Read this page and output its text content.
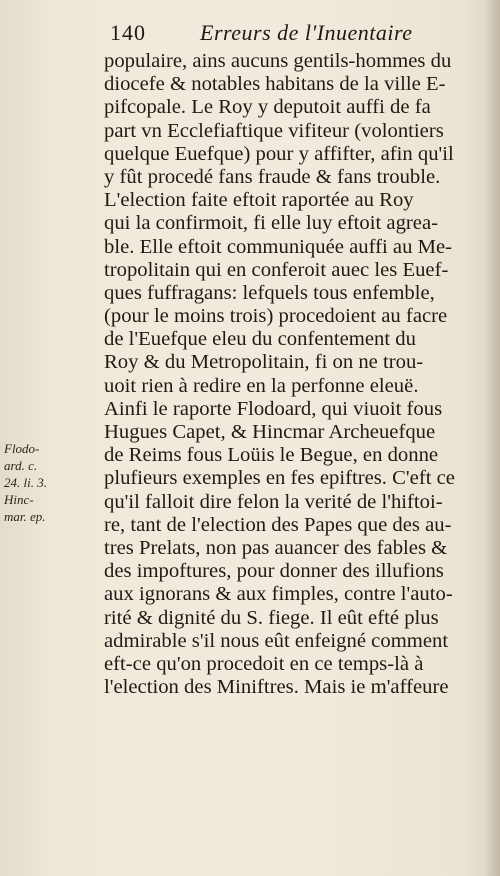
140 Erreurs de l'Inuentaire
Flodo-
ard. c.
24. li. 3.
Hinc-
mar. ep.
populaire, ains aucuns gentils-hommes du
diocefe & notables habitans de la ville E-
pifcopale. Le Roy y deputoit auffi de fa
part vn Ecclefiaftique vifiteur (volontiers
quelque Euefque) pour y affifter, afin qu'il
y fût procedé fans fraude & fans trouble.
L'election faite eftoit raportée au Roy
qui la confirmoit, fi elle luy eftoit agrea-
ble. Elle eftoit communiquée auffi au Me-
tropolitain qui en conferoit auec les Euef-
ques fuffragans: lefquels tous enfemble,
(pour le moins trois) procedoient au facre
de l'Euefque eleu du confentement du
Roy & du Metropolitain, fi on ne trou-
uoit rien à redire en la perfonne eleuë.
Ainfi le raporte Flodoard, qui viuoit fous
Hugues Capet, & Hincmar Archeuefque
de Reims fous Loüis le Begue, en donne
plufieurs exemples en fes epiftres. C'eft ce
qu'il falloit dire felon la verité de l'hiftoi-
re, tant de l'election des Papes que des au-
tres Prelats, non pas auancer des fables &
des impoftures, pour donner des illufions
aux ignorans & aux fimples, contre l'auto-
rité & dignité du S. fiege. Il eût efté plus
admirable s'il nous eût enfeigné comment
eft-ce qu'on procedoit en ce temps-là à
l'election des Miniftres. Mais ie m'affeure
